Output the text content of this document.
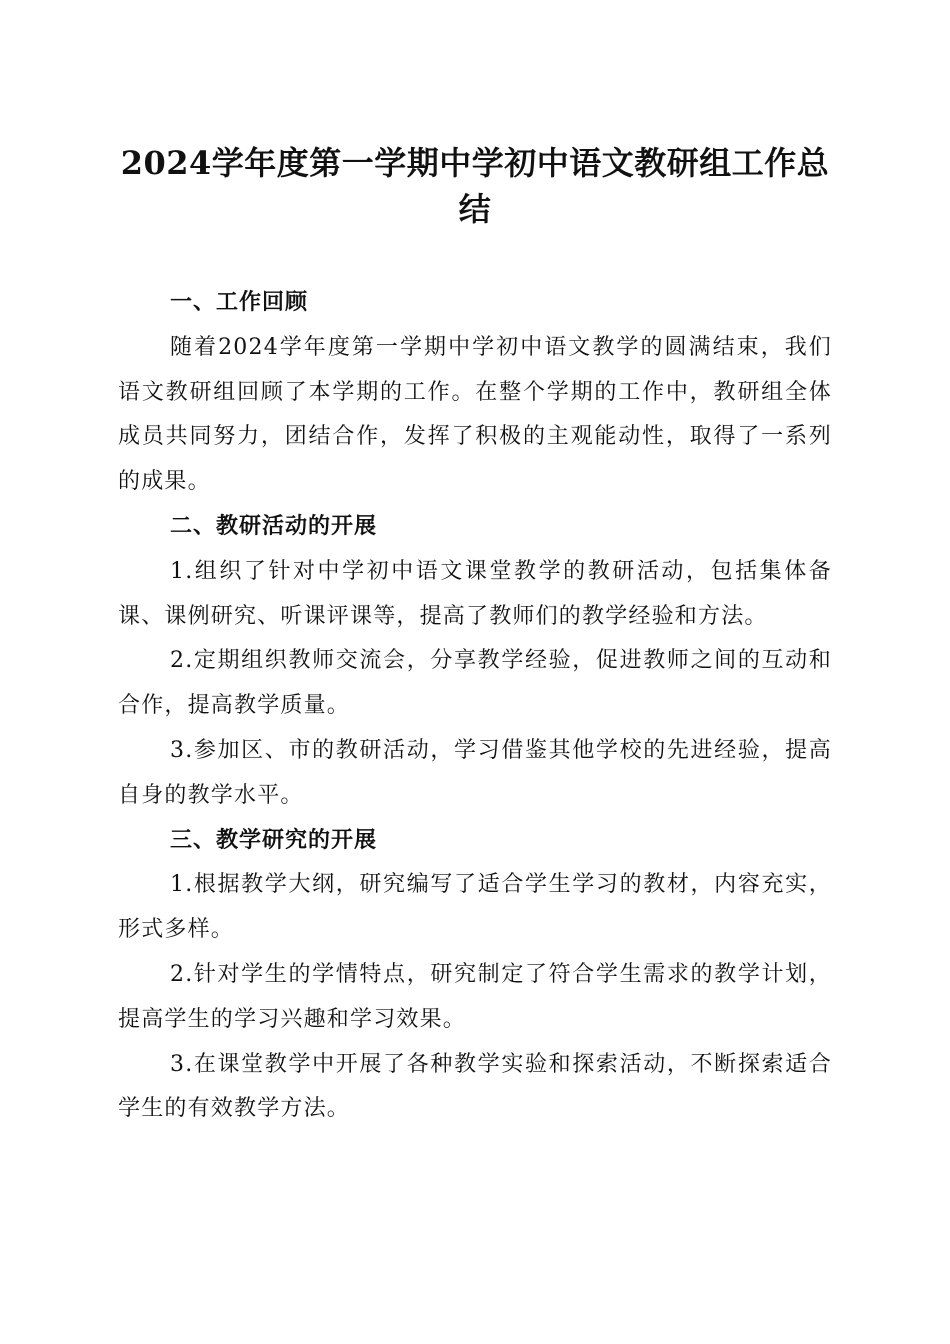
2024学年度第一学期中学初中语文教研组工作总结
一、工作回顾

随着2024学年度第一学期中学初中语文教学的圆满结束，我们语文教研组回顾了本学期的工作。在整个学期的工作中，教研组全体成员共同努力，团结合作，发挥了积极的主观能动性，取得了一系列的成果。

二、教研活动的开展

1.组织了针对中学初中语文课堂教学的教研活动，包括集体备课、课例研究、听课评课等，提高了教师们的教学经验和方法。

2.定期组织教师交流会，分享教学经验，促进教师之间的互动和合作，提高教学质量。

3.参加区、市的教研活动，学习借鉴其他学校的先进经验，提高自身的教学水平。

三、教学研究的开展

1.根据教学大纲，研究编写了适合学生学习的教材，内容充实，形式多样。

2.针对学生的学情特点，研究制定了符合学生需求的教学计划，提高学生的学习兴趣和学习效果。

3.在课堂教学中开展了各种教学实验和探索活动，不断探索适合学生的有效教学方法。
